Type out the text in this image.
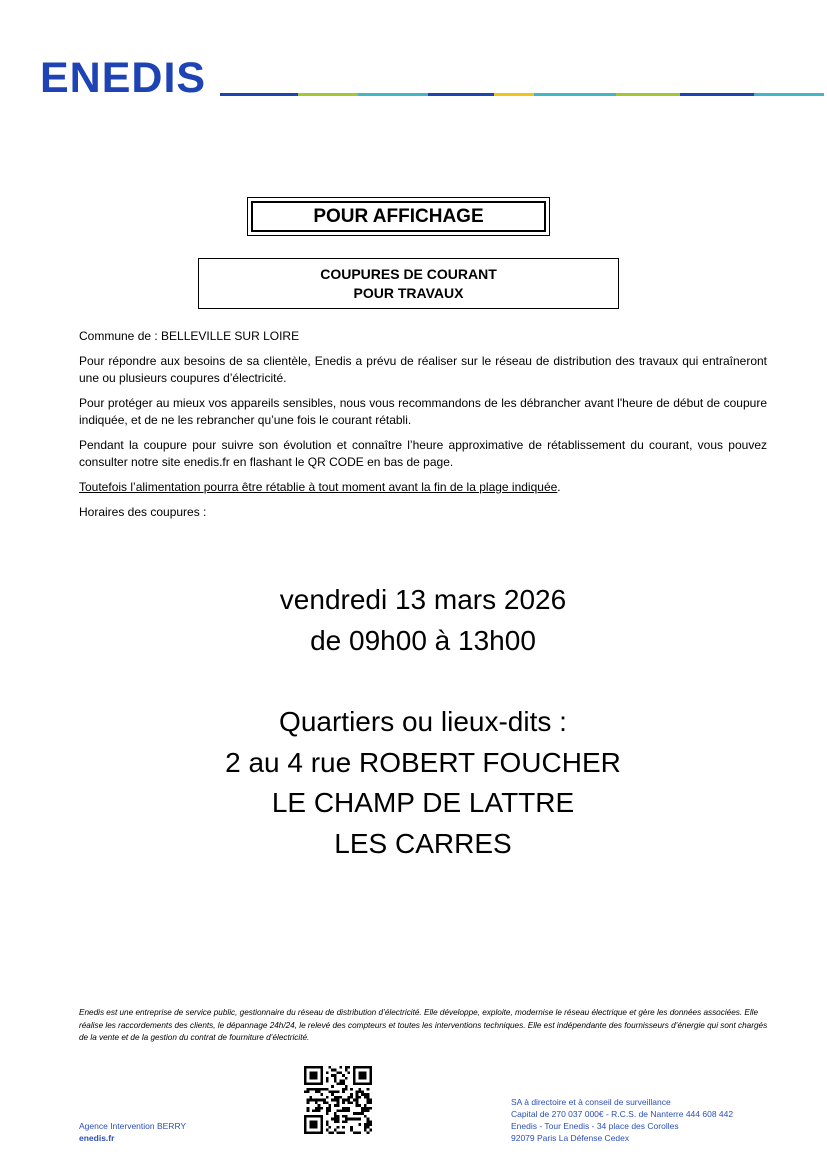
ENEDIS
POUR AFFICHAGE
COUPURES DE COURANT
POUR TRAVAUX

Commune de : BELLEVILLE SUR LOIRE

Pour répondre aux besoins de sa clientèle, Enedis a prévu de réaliser sur le réseau de distribution des travaux qui entraîneront une ou plusieurs coupures d’électricité.

Pour protéger au mieux vos appareils sensibles, nous vous recommandons de les débrancher avant l'heure de début de coupure indiquée, et de ne les rebrancher qu’une fois le courant rétabli.

Pendant la coupure pour suivre son évolution et connaître l’heure approximative de rétablissement du courant, vous pouvez consulter notre site enedis.fr en flashant le QR CODE en bas de page.

Toutefois l’alimentation pourra être rétablie à tout moment avant la fin de la plage indiquée.

Horaires des coupures :

vendredi 13 mars 2026
de 09h00 à 13h00
Quartiers ou lieux-dits :
2 au 4 rue ROBERT FOUCHER
LE CHAMP DE LATTRE
LES CARRES
Enedis est une entreprise de service public, gestionnaire du réseau de distribution d’électricité. Elle développe, exploite, modernise le réseau électrique et gère les données associées. Elle réalise les raccordements des clients, le dépannage 24h/24, le relevé des compteurs et toutes les interventions techniques. Elle est indépendante des fournisseurs d’énergie qui sont chargés de la vente et de la gestion du contrat de fourniture d’électricité.
Agence Intervention BERRY
enedis.fr
SA à directoire et à conseil de surveillance
Capital de 270 037 000€ - R.C.S. de Nanterre 444 608 442
Enedis - Tour Enedis - 34 place des Corolles
92079 Paris La Défense Cedex
